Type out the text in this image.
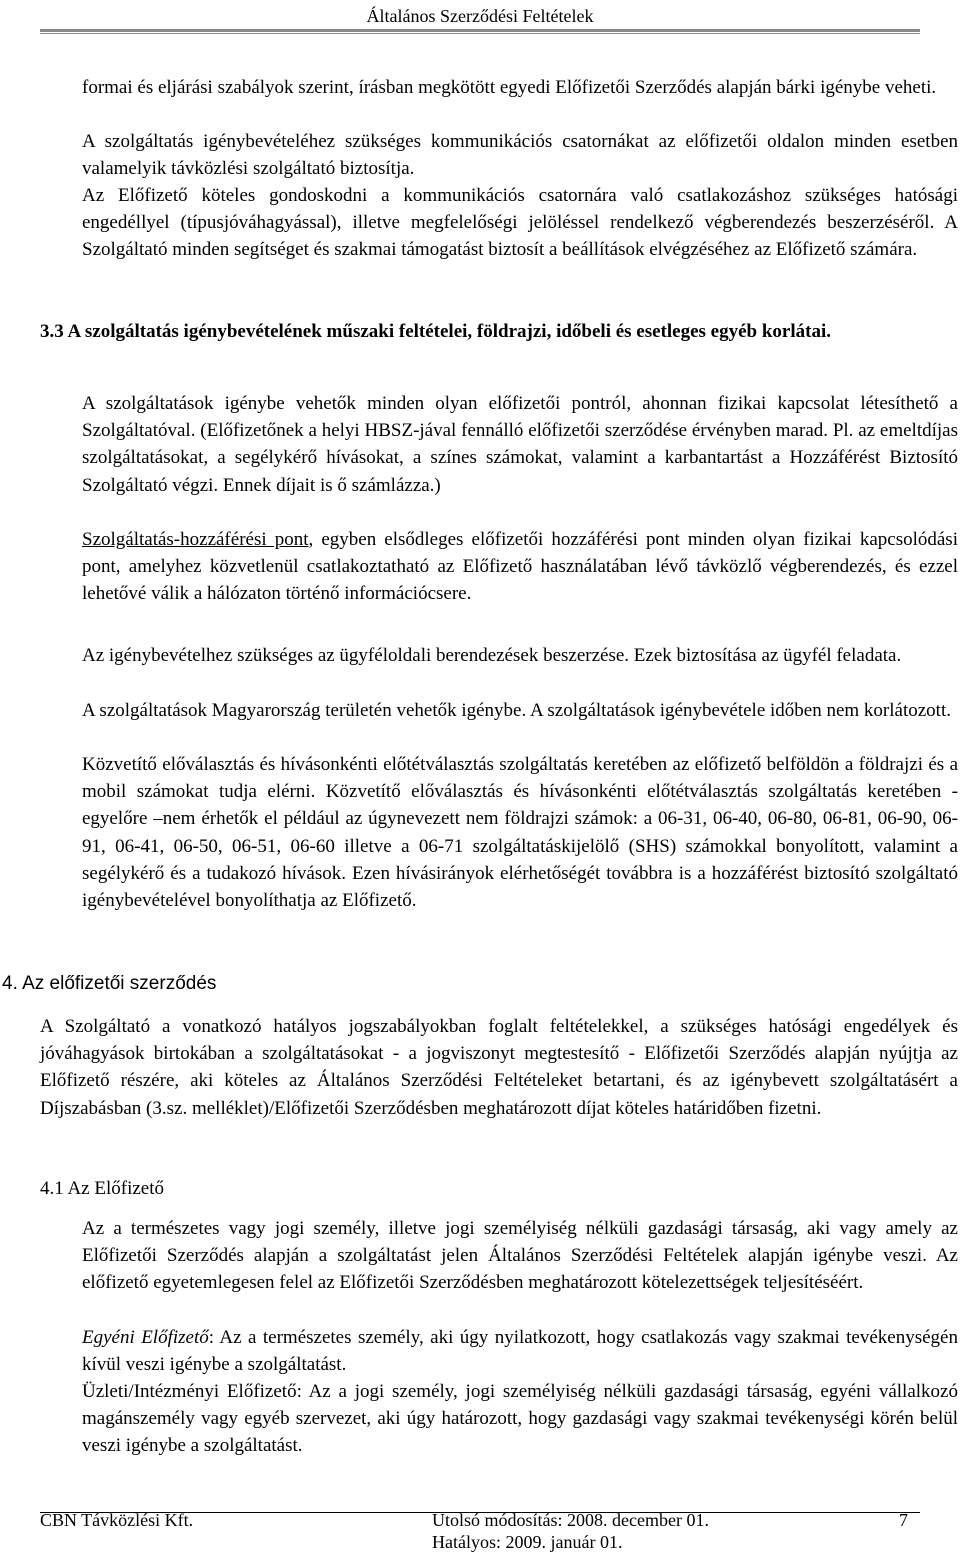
Általános Szerződési Feltételek

formai és eljárási szabályok szerint, írásban megkötött egyedi Előfizetői Szerződés alapján bárki igénybe veheti.

A szolgáltatás igénybevételéhez szükséges kommunikációs csatornákat az előfizetői oldalon minden esetben valamelyik távközlési szolgáltató biztosítja.

Az Előfizető köteles gondoskodni a kommunikációs csatornára való csatlakozáshoz szükséges hatósági engedéllyel (típusjóváhagyással), illetve megfelelőségi jelöléssel rendelkező végberendezés beszerzéséről. A Szolgáltató minden segítséget és szakmai támogatást biztosít a beállítások elvégzéséhez az Előfizető számára.

3.3 A szolgáltatás igénybevételének műszaki feltételei, földrajzi, időbeli és esetleges egyéb korlátai.

A szolgáltatások igénybe vehetők minden olyan előfizetői pontról, ahonnan fizikai kapcsolat létesíthető a Szolgáltatóval. (Előfizetőnek a helyi HBSZ-jával fennálló előfizetői szerződése érvényben marad. Pl. az emeltdíjas szolgáltatásokat, a segélykérő hívásokat, a színes számokat, valamint a karbantartást a Hozzáférést Biztosító Szolgáltató végzi. Ennek díjait is ő számlázza.)

Szolgáltatás-hozzáférési pont, egyben elsődleges előfizetői hozzáférési pont minden olyan fizikai kapcsolódási pont, amelyhez közvetlenül csatlakoztatható az Előfizető használatában lévő távközlő végberendezés, és ezzel lehetővé válik a hálózaton történő információcsere.

Az igénybevételhez szükséges az ügyféloldali berendezések beszerzése. Ezek biztosítása az ügyfél feladata.

A szolgáltatások Magyarország területén vehetők igénybe. A szolgáltatások igénybevétele időben nem korlátozott.

Közvetítő előválasztás és hívásonkénti előtétválasztás szolgáltatás keretében az előfizető belföldön a földrajzi és a mobil számokat tudja elérni. Közvetítő előválasztás és hívásonkénti előtétválasztás szolgáltatás keretében - egyelőre –nem érhetők el például az úgynevezett nem földrajzi számok: a 06-31, 06-40, 06-80, 06-81, 06-90, 06-91, 06-41, 06-50, 06-51, 06-60 illetve a 06-71 szolgáltatáskijelölő (SHS) számokkal bonyolított, valamint a segélykérő és a tudakozó hívások. Ezen hívásirányok elérhetőségét továbbra is a hozzáférést biztosító szolgáltató igénybevételével bonyolíthatja az Előfizető.

4. Az előfizetői szerződés

A Szolgáltató a vonatkozó hatályos jogszabályokban foglalt feltételekkel, a szükséges hatósági engedélyek és jóváhagyások birtokában a szolgáltatásokat - a jogviszonyt megtestesítő - Előfizetői Szerződés alapján nyújtja az Előfizető részére, aki köteles az Általános Szerződési Feltételeket betartani, és az igénybevett szolgáltatásért a Díjszabásban (3.sz. melléklet)/Előfizetői Szerződésben meghatározott díjat köteles határidőben fizetni.

4.1 Az Előfizető

Az a természetes vagy jogi személy, illetve jogi személyiség nélküli gazdasági társaság, aki vagy amely az Előfizetői Szerződés alapján a szolgáltatást jelen Általános Szerződési Feltételek alapján igénybe veszi. Az előfizető egyetemlegesen felel az Előfizetői Szerződésben meghatározott kötelezettségek teljesítéséért.

Egyéni Előfizető: Az a természetes személy, aki úgy nyilatkozott, hogy csatlakozás vagy szakmai tevékenységén kívül veszi igénybe a szolgáltatást.

Üzleti/Intézményi Előfizető: Az a jogi személy, jogi személyiség nélküli gazdasági társaság, egyéni vállalkozó magánszemély vagy egyéb szervezet, aki úgy határozott, hogy gazdasági vagy szakmai tevékenységi körén belül veszi igénybe a szolgáltatást.

CBN Távközlési Kft.	Utolsó módosítás: 2008. december 01.	7
Hatályos: 2009. január 01.
